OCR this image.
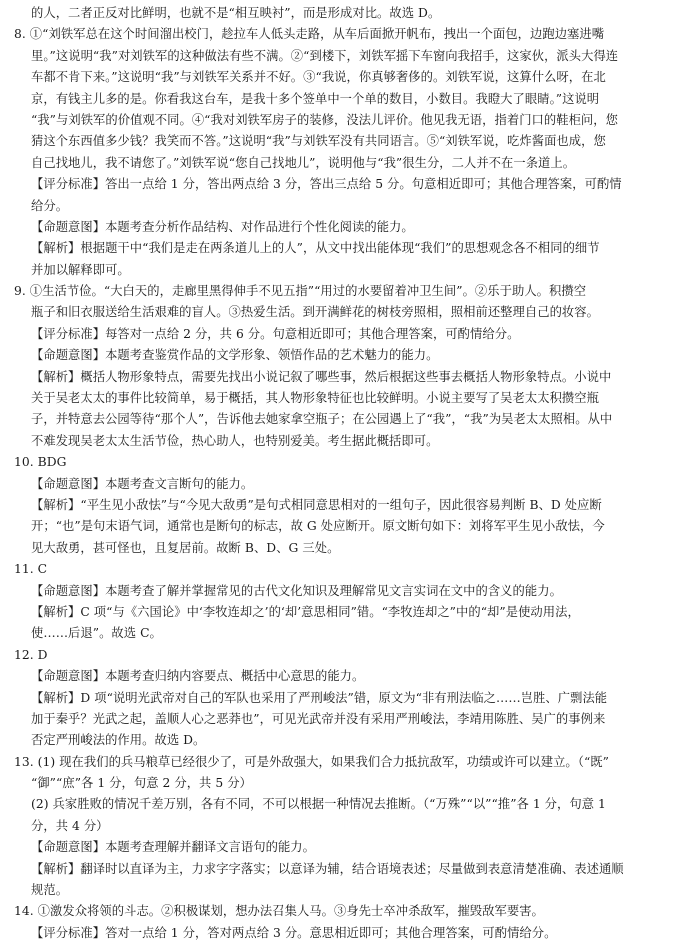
的人，二者正反对比鲜明，也就不是“相互映衬”，而是形成对比。故选 D。
8. ①“刘铁军总在这个时间溜出校门，趁拉车人低头走路，从车后面掀开帆布，拽出一个面包，边跑边塞进嘴
里。”这说明“我”对刘铁军的这种做法有些不满。②“到楼下，刘铁军摇下车窗向我招手，这家伙，派头大得连
车都不肯下来。”这说明“我”与刘铁军关系并不好。③“我说，你真够奢侈的。刘铁军说，这算什么呀，在北
京，有钱主儿多的是。你看我这台车，是我十多个签单中一个单的数目，小数目。我瞪大了眼睛。”这说明
“我”与刘铁军的价值观不同。④“我对刘铁军房子的装修，没法儿评价。他见我无语，指着门口的鞋柜问，您
猜这个东西值多少钱？我笑而不答。”这说明“我”与刘铁军没有共同语言。⑤“刘铁军说，吃炸酱面也成，您
自己找地儿，我不请您了。”刘铁军说“您自己找地儿”，说明他与“我”很生分，二人并不在一条道上。
【评分标准】答出一点给 1 分，答出两点给 3 分，答出三点给 5 分。句意相近即可；其他合理答案，可酌情
给分。
【命题意图】本题考查分析作品结构、对作品进行个性化阅读的能力。
【解析】根据题干中“我们是走在两条道儿上的人”，从文中找出能体现“我们”的思想观念各不相同的细节
并加以解释即可。
9. ①生活节俭。“大白天的，走廊里黑得伸手不见五指”“用过的水要留着冲卫生间”。②乐于助人。积攒空
瓶子和旧衣服送给生活艰难的盲人。③热爱生活。到开满鲜花的树枝旁照相，照相前还整理自己的妆容。
【评分标准】每答对一点给 2 分，共 6 分。句意相近即可；其他合理答案，可酌情给分。
【命题意图】本题考查鉴赏作品的文学形象、领悟作品的艺术魅力的能力。
【解析】概括人物形象特点，需要先找出小说记叙了哪些事，然后根据这些事去概括人物形象特点。小说中
关于吴老太太的事件比较简单，易于概括，其人物形象特征也比较鲜明。小说主要写了吴老太太积攒空瓶
子，并特意去公园等待“那个人”，告诉他去她家拿空瓶子；在公园遇上了“我”，“我”为吴老太太照相。从中
不难发现吴老太太生活节俭，热心助人，也特别爱美。考生据此概括即可。
10. BDG
【命题意图】本题考查文言断句的能力。
【解析】“平生见小敌怯”与“今见大敌勇”是句式相同意思相对的一组句子，因此很容易判断 B、D 处应断
开；“也”是句末语气词，通常也是断句的标志，故 G 处应断开。原文断句如下：刘将军平生见小敌怯，今
见大敌勇，甚可怪也，且复居前。故断 B、D、G 三处。
11. C
【命题意图】本题考查了解并掌握常见的古代文化知识及理解常见文言实词在文中的含义的能力。
【解析】C 项“与《六国论》中‘李牧连却之’的‘却’意思相同”错。“李牧连却之”中的“却”是使动用法，
使……后退”。故选 C。
12. D
【命题意图】本题考查归纳内容要点、概括中心意思的能力。
【解析】D 项“说明光武帝对自己的军队也采用了严刑峻法”错，原文为“非有刑法临之……岂胜、广剽法能
加于秦乎？光武之起，盖顺人心之恶莽也”，可见光武帝并没有采用严刑峻法，李靖用陈胜、吴广的事例来
否定严刑峻法的作用。故选 D。
13. (1) 现在我们的兵马粮草已经很少了，可是外敌强大，如果我们合力抵抗敌军，功绩或许可以建立。（“既”
“御”“庶”各 1 分，句意 2 分，共 5 分）
(2) 兵家胜败的情况千差万别，各有不同，不可以根据一种情况去推断。（“万殊”“以”“推”各 1 分，句意 1
分，共 4 分）
【命题意图】本题考查理解并翻译文言语句的能力。
【解析】翻译时以直译为主，力求字字落实；以意译为辅，结合语境表述；尽量做到表意清楚准确、表述通顺
规范。
14. ①激发众将领的斗志。②积极谋划，想办法召集人马。③身先士卒冲杀敌军，摧毁敌军要害。
【评分标准】答对一点给 1 分，答对两点给 3 分。意思相近即可；其他合理答案，可酌情给分。
